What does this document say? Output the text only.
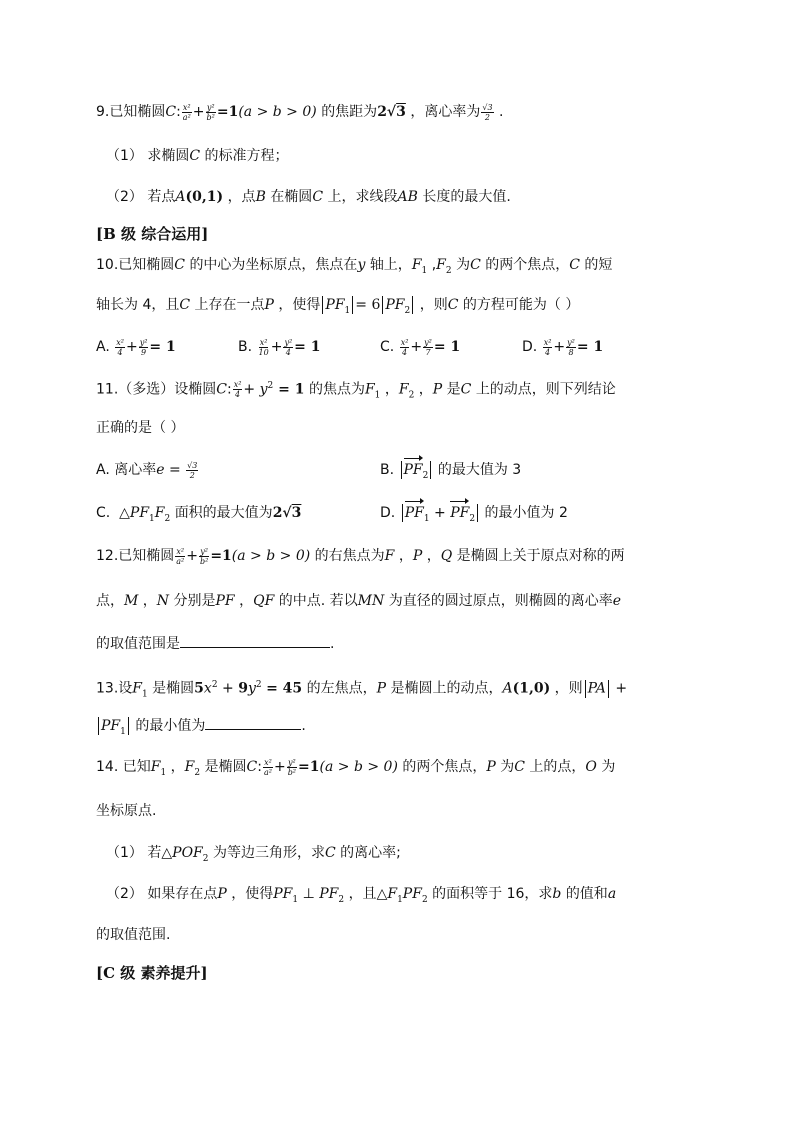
9.已知椭圆C: $\frac{\text{x²}}{\text{a²}} + \frac{\text{y²}}{\text{b²}} =1(a > b > 0)$ 的焦距为2√3 ，离心率为 $\frac{√3}{2}$ .
（1） 求椭圆C 的标准方程；
（2） 若点A(0,1) ，点B 在椭圆C 上，求线段AB 长度的最大值.
[B 级 综合运用]
10.已知椭圆C 的中心为坐标原点，焦点在y 轴上，$F_1$ $,F_2$ 为C 的两个焦点，C 的短
轴长为 4，且C 上存在一点P ，使得 $PF_1 = 6$ $PF_2$ ，则C 的方程可能为（ ）
A. $\frac{\text{x²}}{4} + \frac{\text{y²}}{9} = 1$	B. $\frac{\text{x²}}{10} + \frac{\text{y²}}{4} = 1$	C. $\frac{\text{x²}}{4} + \frac{\text{y²}}{7} = 1$	D. $\frac{\text{x²}}{4} + \frac{\text{y²}}{8} = 1$
11.（多选）设椭圆C: $\frac{\text{x²}}{4} + y^2 = 1$ 的焦点为$F_1$ ，$F_2$ ，P 是C 上的动点，则下列结论
正确的是（ ）
A. 离心率$e = \frac{√3}{2}$	B. $PF_2$ 的最大值为 3
C.  $\triangle PF_1F_2$ 面积的最大值为2√3	D. $PF_1 + PF_2$ 的最小值为 2
12.已知椭圆 $\frac{\text{x²}}{\text{a²}} + \frac{\text{y²}}{\text{b²}} =1(a > b > 0)$ 的右焦点为F ，P ，Q 是椭圆上关于原点对称的两
点，M ，N 分别是PF ，QF 的中点. 若以MN 为直径的圆过原点，则椭圆的离心率e
的取值范围是	.
13.设$F_1$ 是椭圆$5x^2 + 9y^2 = 45$ 的左焦点，P 是椭圆上的动点，A(1,0) ，则 PA +
$PF_1$ 的最小值为	.
14. 已知$F_1$ ，$F_2$ 是椭圆C: $\frac{\text{x²}}{\text{a²}} + \frac{\text{y²}}{\text{b²}} =1(a > b > 0)$ 的两个焦点，P 为C 上的点，O 为
坐标原点.
（1） 若$\triangle POF_2$ 为等边三角形，求C 的离心率;
（2） 如果存在点P ，使得$PF_1$ ⊥ $PF_2$ ，且$\triangle F_1PF_2$ 的面积等于 16，求b 的值和a
的取值范围.
[C 级 素养提升]
